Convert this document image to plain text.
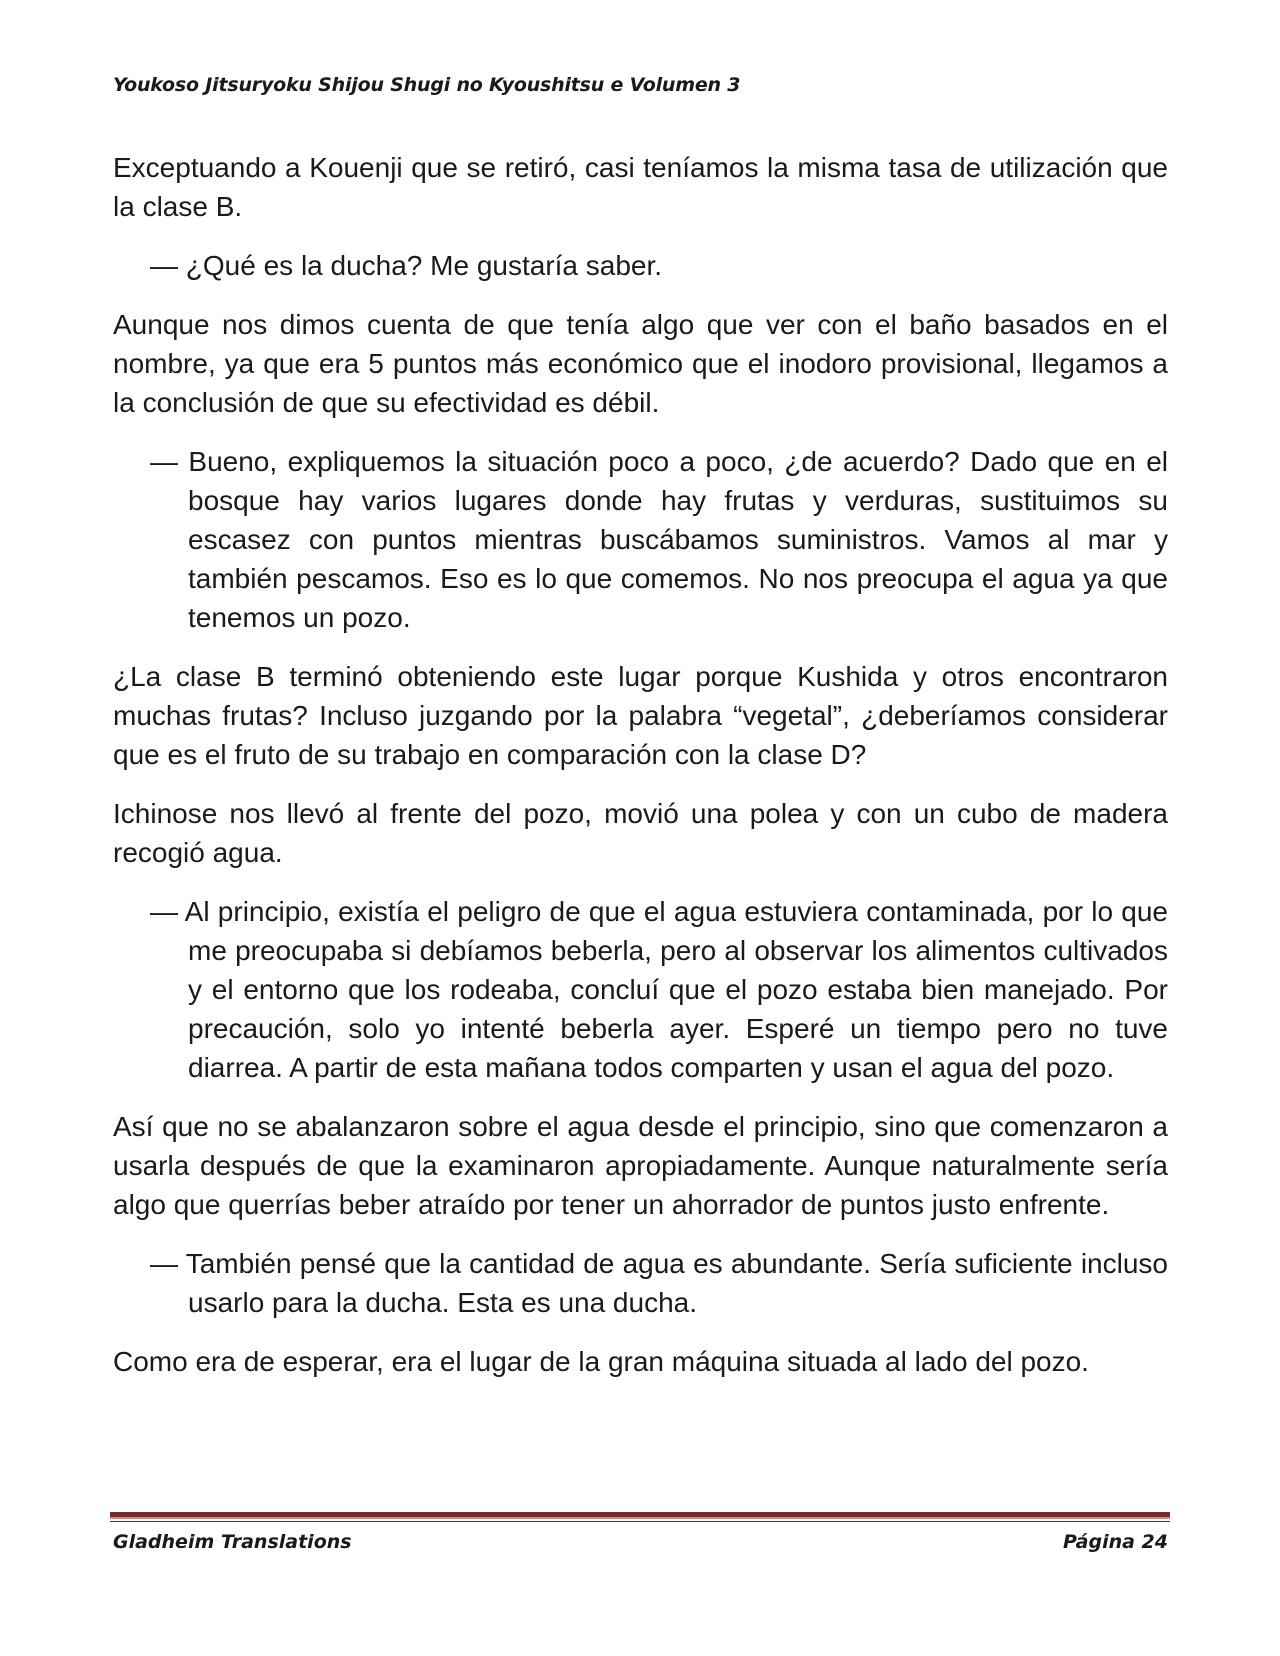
Youkoso Jitsuryoku Shijou Shugi no Kyoushitsu e Volumen 3

Exceptuando a Kouenji que se retiró, casi teníamos la misma tasa de utilización que la clase B.

— ¿Qué es la ducha? Me gustaría saber.

Aunque nos dimos cuenta de que tenía algo que ver con el baño basados en el nombre, ya que era 5 puntos más económico que el inodoro provisional, llegamos a la conclusión de que su efectividad es débil.

— Bueno, expliquemos la situación poco a poco, ¿de acuerdo? Dado que en el bosque hay varios lugares donde hay frutas y verduras, sustituimos su escasez con puntos mientras buscábamos suministros. Vamos al mar y también pescamos. Eso es lo que comemos. No nos preocupa el agua ya que tenemos un pozo.

¿La clase B terminó obteniendo este lugar porque Kushida y otros encontraron muchas frutas? Incluso juzgando por la palabra “vegetal”, ¿deberíamos considerar que es el fruto de su trabajo en comparación con la clase D?

Ichinose nos llevó al frente del pozo, movió una polea y con un cubo de madera recogió agua.

— Al principio, existía el peligro de que el agua estuviera contaminada, por lo que me preocupaba si debíamos beberla, pero al observar los alimentos cultivados y el entorno que los rodeaba, concluí que el pozo estaba bien manejado. Por precaución, solo yo intenté beberla ayer. Esperé un tiempo pero no tuve diarrea. A partir de esta mañana todos comparten y usan el agua del pozo.

Así que no se abalanzaron sobre el agua desde el principio, sino que comenzaron a usarla después de que la examinaron apropiadamente. Aunque naturalmente sería algo que querrías beber atraído por tener un ahorrador de puntos justo enfrente.

— También pensé que la cantidad de agua es abundante. Sería suficiente incluso usarlo para la ducha. Esta es una ducha.

Como era de esperar, era el lugar de la gran máquina situada al lado del pozo.

Gladheim Translations	Página 24
